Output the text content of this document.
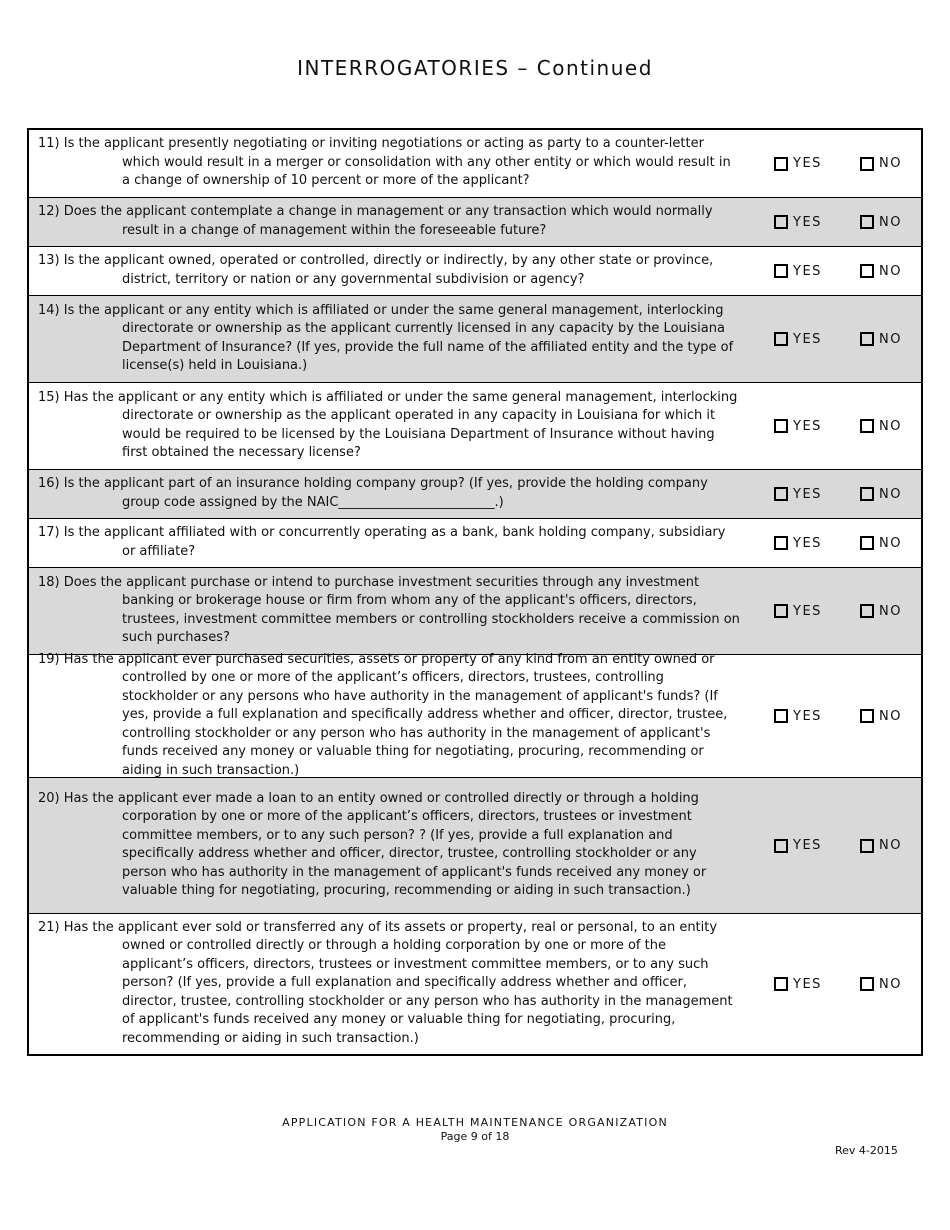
INTERROGATORIES – Continued
11) Is the applicant presently negotiating or inviting negotiations or acting as party to a counter-letter which would result in a merger or consolidation with any other entity or which would result in a change of ownership of 10 percent or more of the applicant?
YES	NO
12) Does the applicant contemplate a change in management or any transaction which would normally result in a change of management within the foreseeable future?
YES	NO
13) Is the applicant owned, operated or controlled, directly or indirectly, by any other state or province, district, territory or nation or any governmental subdivision or agency?
YES	NO
14) Is the applicant or any entity which is affiliated or under the same general management, interlocking directorate or ownership as the applicant currently licensed in any capacity by the Louisiana Department of Insurance? (If yes, provide the full name of the affiliated entity and the type of license(s) held in Louisiana.)
YES	NO
15) Has the applicant or any entity which is affiliated or under the same general management, interlocking directorate or ownership as the applicant operated in any capacity in Louisiana for which it would be required to be licensed by the Louisiana Department of Insurance without having first obtained the necessary license?
YES	NO
16) Is the applicant part of an insurance holding company group? (If yes, provide the holding company group code assigned by the NAIC________________________.)
YES	NO
17) Is the applicant affiliated with or concurrently operating as a bank, bank holding company, subsidiary or affiliate?
YES	NO
18) Does the applicant purchase or intend to purchase investment securities through any investment banking or brokerage house or firm from whom any of the applicant's officers, directors, trustees, investment committee members or controlling stockholders receive a commission on such purchases?
YES	NO
19) Has the applicant ever purchased securities, assets or property of any kind from an entity owned or controlled by one or more of the applicant’s officers, directors, trustees, controlling stockholder or any persons who have authority in the management of applicant's funds? (If yes, provide a full explanation and specifically address whether and officer, director, trustee, controlling stockholder or any person who has authority in the management of applicant's funds received any money or valuable thing for negotiating, procuring, recommending or aiding in such transaction.)
YES	NO
20) Has the applicant ever made a loan to an entity owned or controlled directly or through a holding corporation by one or more of the applicant’s officers, directors, trustees or investment committee members, or to any such person? ? (If yes, provide a full explanation and specifically address whether and officer, director, trustee, controlling stockholder or any person who has authority in the management of applicant's funds received any money or valuable thing for negotiating, procuring, recommending or aiding in such transaction.)
YES	NO
21) Has the applicant ever sold or transferred any of its assets or property, real or personal, to an entity owned or controlled directly or through a holding corporation by one or more of the applicant’s officers, directors, trustees or investment committee members, or to any such person? (If yes, provide a full explanation and specifically address whether and officer, director, trustee, controlling stockholder or any person who has authority in the management of applicant's funds received any money or valuable thing for negotiating, procuring, recommending or aiding in such transaction.)
YES	NO
APPLICATION FOR A HEALTH MAINTENANCE ORGANIZATION
Page 9 of 18
Rev 4-2015
